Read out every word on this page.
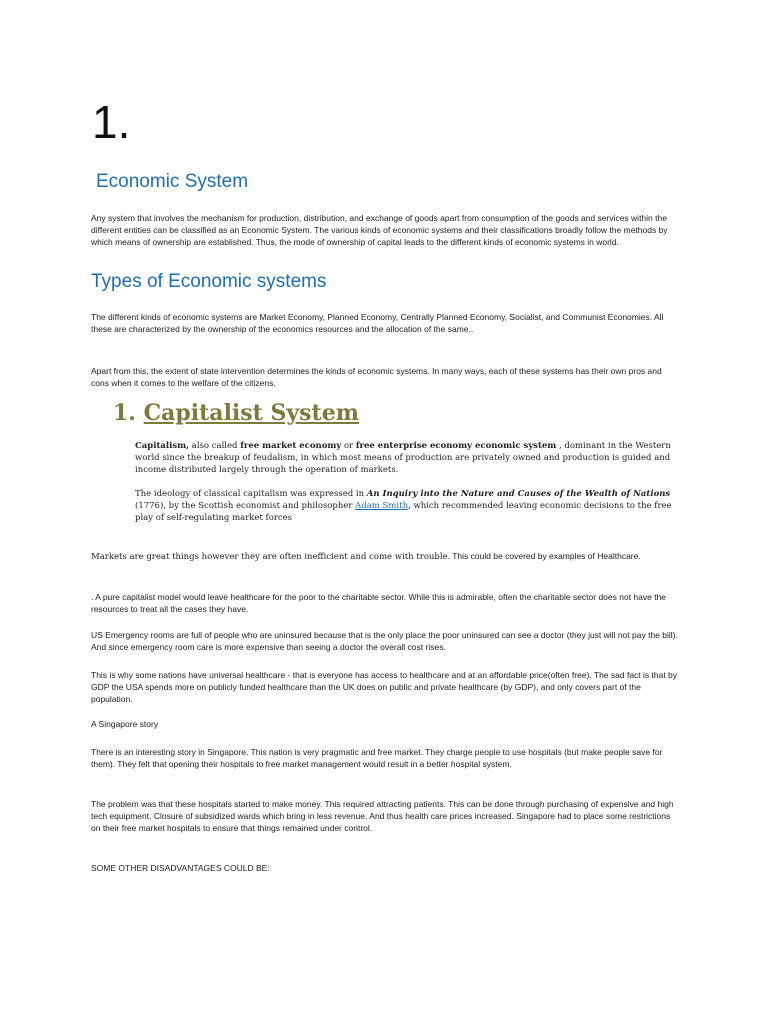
1.
Economic System

Any system that involves the mechanism for production, distribution, and exchange of goods apart from consumption of the goods and services within the different entities can be classified as an Economic System. The various kinds of economic systems and their classifications broadly follow the methods by which means of ownership are established. Thus, the mode of ownership of capital leads to the different kinds of economic systems in world.

Types of Economic systems

The different kinds of economic systems are Market Economy, Planned Economy, Centrally Planned Economy, Socialist, and Communist Economies. All these are characterized by the ownership of the economics resources and the allocation of the same..

Apart from this, the extent of state intervention determines the kinds of economic systems. In many ways, each of these systems has their own pros and cons when it comes to the welfare of the citizens.

1. Capitalist System

Capitalism, also called free market economy or free enterprise economy economic system , dominant in the Western world since the breakup of feudalism, in which most means of production are privately owned and production is guided and income distributed largely through the operation of markets.

The ideology of classical capitalism was expressed in An Inquiry into the Nature and Causes of the Wealth of Nations (1776), by the Scottish economist and philosopher Adam Smith, which recommended leaving economic decisions to the free play of self-regulating market forces

Markets are great things however they are often inefficient and come with trouble. This could be covered by examples of Healthcare.

. A pure capitalist model would leave healthcare for the poor to the charitable sector. While this is admirable, often the charitable sector does not have the resources to treat all the cases they have.

US Emergency rooms are full of people who are uninsured because that is the only place the poor uninsured can see a doctor (they just will not pay the bill). And since emergency room care is more expensive than seeing a doctor the overall cost rises.

This is why some nations have universal healthcare - that is everyone has access to healthcare and at an affordable price(often free). The sad fact is that by GDP the USA spends more on publicly funded healthcare than the UK does on public and private healthcare (by GDP), and only covers part of the population.

A Singapore story

There is an interesting story in Singapore. This nation is very pragmatic and free market. They charge people to use hospitals (but make people save for them). They felt that opening their hospitals to free market management would result in a better hospital system.

The problem was that these hospitals started to make money. This required attracting patients. This can be done through purchasing of expensive and high tech equipment. Closure of subsidized wards which bring in less revenue. And thus health care prices increased. Singapore had to place some restrictions on their free market hospitals to ensure that things remained under control.

SOME OTHER DISADVANTAGES COULD BE:
